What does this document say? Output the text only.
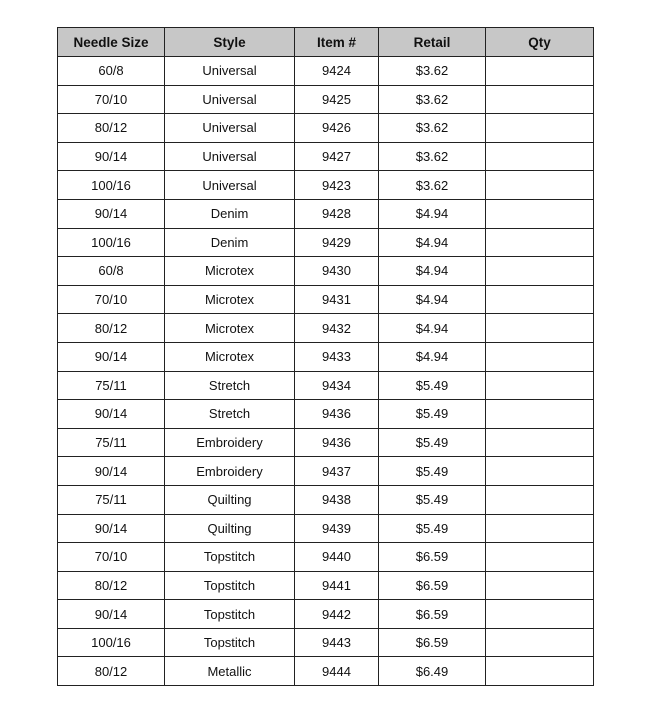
Needle Size	Style	Item #	Retail	Qty
60/8	Universal	9424	$3.62	
70/10	Universal	9425	$3.62	
80/12	Universal	9426	$3.62	
90/14	Universal	9427	$3.62	
100/16	Universal	9423	$3.62	
90/14	Denim	9428	$4.94	
100/16	Denim	9429	$4.94	
60/8	Microtex	9430	$4.94	
70/10	Microtex	9431	$4.94	
80/12	Microtex	9432	$4.94	
90/14	Microtex	9433	$4.94	
75/11	Stretch	9434	$5.49	
90/14	Stretch	9436	$5.49	
75/11	Embroidery	9436	$5.49	
90/14	Embroidery	9437	$5.49	
75/11	Quilting	9438	$5.49	
90/14	Quilting	9439	$5.49	
70/10	Topstitch	9440	$6.59	
80/12	Topstitch	9441	$6.59	
90/14	Topstitch	9442	$6.59	
100/16	Topstitch	9443	$6.59	
80/12	Metallic	9444	$6.49	
